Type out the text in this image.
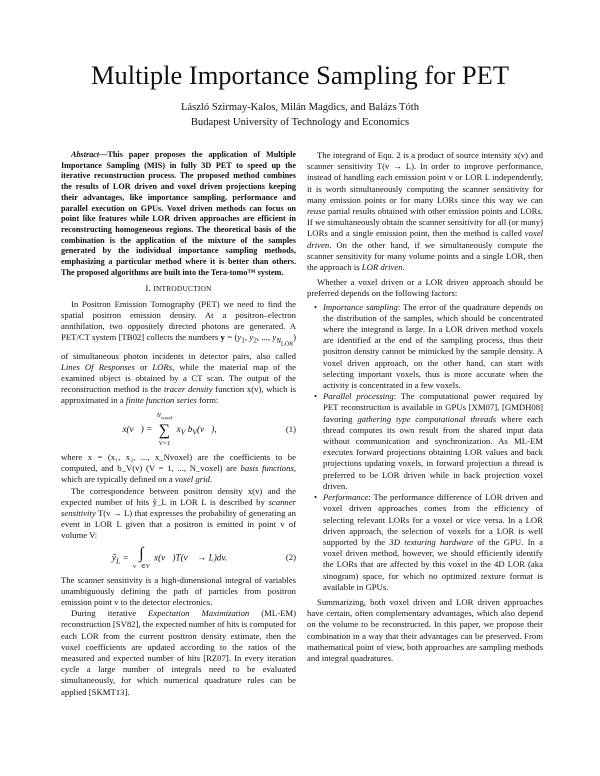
Multiple Importance Sampling for PET
László Szirmay-Kalos, Milán Magdics, and Balázs Tóth
Budapest University of Technology and Economics

Abstract—This paper proposes the application of Multiple Importance Sampling (MIS) in fully 3D PET to speed up the iterative reconstruction process. The proposed method combines the results of LOR driven and voxel driven projections keeping their advantages, like importance sampling, performance and parallel execution on GPUs. Voxel driven methods can focus on point like features while LOR driven approaches are efficient in reconstructing homogeneous regions. The theoretical basis of the combination is the application of the mixture of the samples generated by the individual importance sampling methods, emphasizing a particular method where it is better than others. The proposed algorithms are built into the Tera-tomo™ system.

I. INTRODUCTION

In Positron Emission Tomography (PET) we need to find the spatial positron emission density. At a positron–electron annihilation, two oppositely directed photons are generated. A PET/CT system [TB02] collects the numbers $y = (y_1$, $y_2$, ..., $y_{N_{LOR}}$) of simultaneous photon incidents in detector pairs, also called Lines Of Responses or LORs, while the material map of the examined object is obtained by a CT scan. The output of the reconstruction method is the tracer density function x(v), which is approximated in a finite function series form:

x(v⃗) =
$N_{voxel}$
∑
V=1
$x_V$ $b_V(v⃗)$,	(1)

where x = (x₁, x₂, ..., x_Nvoxel) are the coefficients to be computed, and b_V(v) (V = 1, ..., N_voxel) are basis functions, which are typically defined on a voxel grid.

The correspondence between positron density x(v) and the expected number of hits ỹ_L in LOR L is described by scanner sensitivity T(v → L) that expresses the probability of generating an event in LOR L given that a positron is emitted in point v of volume V:

ỹ$_L$ = ∫
v⃗∈V
x(v⃗)T(v⃗ → L)dv.	(2)

The scanner sensitivity is a high-dimensional integral of variables unambiguously defining the path of particles from positron emission point v to the detector electronics.

During iterative Expectation Maximization (ML-EM) reconstruction [SV82], the expected number of hits is computed for each LOR from the current positron density estimate, then the voxel coefficients are updated according to the ratios of the measured and expected number of hits [RZ07]. In every iteration cycle a large number of integrals need to be evaluated simultaneously, for which numerical quadrature rules can be applied [SKMT13].

The integrand of Equ. 2 is a product of source intensity x(v) and scanner sensitivity T(v → L). In order to improve performance, instead of handling each emission point v or LOR L independently, it is worth simultaneously computing the scanner sensitivity for many emission points or for many LORs since this way we can reuse partial results obtained with other emission points and LORs. If we simultaneously obtain the scanner sensitivity for all (or many) LORs and a single emission point, then the method is called voxel driven. On the other hand, if we simultaneously compute the scanner sensitivity for many volume points and a single LOR, then the approach is LOR driven.

Whether a voxel driven or a LOR driven approach should be preferred depends on the following factors:

• Importance sampling: The error of the quadrature depends on the distribution of the samples, which should be concentrated where the integrand is large. In a LOR driven method voxels are identified at the end of the sampling process, thus their positron density cannot be mimicked by the sample density. A voxel driven approach, on the other hand, can start with selecting important voxels, thus is more accurate when the activity is concentrated in a few voxels.
• Parallel processing: The computational power required by PET reconstruction is available in GPUs [XM07], [GMDH08] favoring gathering type computational threads where each thread computes its own result from the shared input data without communication and synchronization. As ML-EM executes forward projections obtaining LOR values and back projections updating voxels, in forward projection a thread is preferred to be LOR driven while in back projection voxel driven.
• Performance: The performance difference of LOR driven and voxel driven approaches comes from the efficiency of selecting relevant LORs for a voxel or vice versa. In a LOR driven approach, the selection of voxels for a LOR is well supported by the 3D texturing hardware of the GPU. In a voxel driven method, however, we should efficiently identify the LORs that are affected by this voxel in the 4D LOR (aka sinogram) space, for which no optimized texture format is available in GPUs.

Summarizing, both voxel driven and LOR driven approaches have certain, often complementary advantages, which also depend on the volume to be reconstructed. In this paper, we propose their combination in a way that their advantages can be preserved. From mathematical point of view, both approaches are sampling methods and integral quadratures.
